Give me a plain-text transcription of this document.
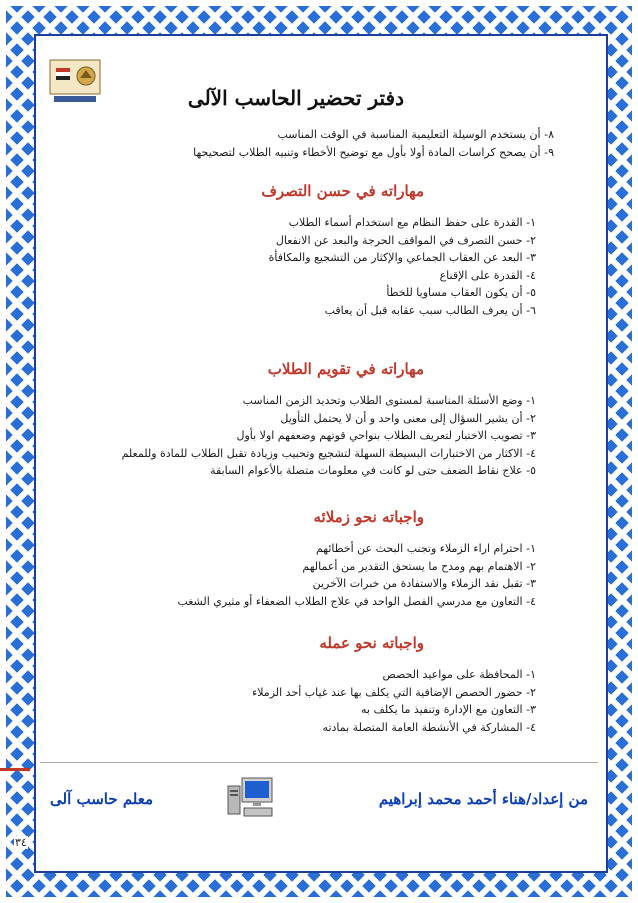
دفتر تحضير الحاسب الآلى
٨- أن يستخدم الوسيلة التعليمية المناسبة في الوقت المناسب
٩- أن يصحح كراسات المادة أولا بأول مع توضيح الأخطاء وتنبيه الطلاب لتصحيحها
مهاراته في حسن التصرف
١- القدرة على حفظ النظام مع استخدام أسماء الطلاب
٢- حسن التصرف في المواقف الحرجة والبعد عن الانفعال
٣- البعد عن العقاب الجماعي والإكثار من التشجيع والمكافأة
٤- القدرة على الإقناع
٥- أن يكون العقاب مساويا للخطأ
٦- أن يعرف الطالب سبب عقابه قبل أن يعاقب
مهاراته في تقويم الطلاب
١- وضع الأسئلة المناسبة لمستوى الطلاب وتحديد الزمن المناسب
٢- أن يشير السؤال إلى معنى واحد و أن لا يحتمل التأويل
٣- تصويب الاختبار لتعريف الطلاب بنواحي قوتهم وضعفهم اولا بأول
٤- الاكثار من الاختبارات البسيطة السهلة لتشجيع وتحبيب وزيادة تقبل الطلاب للمادة وللمعلم
٥- علاج نقاط الضعف حتى لو كانت في معلومات متصلة بالأعوام السابقة
واجباته نحو زملائه
١- احترام اراء الزملاء وتجنب البحث عن أخطائهم
٢- الاهتمام بهم ومدح ما يستحق التقدير من أعمالهم
٣- تقبل نقد الزملاء والاستفادة من خبرات الآخرين
٤- التعاون مع مدرسي الفصل الواحد في علاج الطلاب الضعفاء أو مثيري الشغب
واجباته نحو عمله
١- المحافظة على مواعيد الحصص
٢- حضور الحصص الإضافية التي يكلف بها عند غياب أحد الزملاء
٣- التعاون مع الإدارة وتنفيذ ما يكلف به
٤- المشاركة في الأنشطة العامة المتصلة بمادته
من إعداد/هناء أحمد محمد إبراهيم
معلم حاسب آلى
٣٤
